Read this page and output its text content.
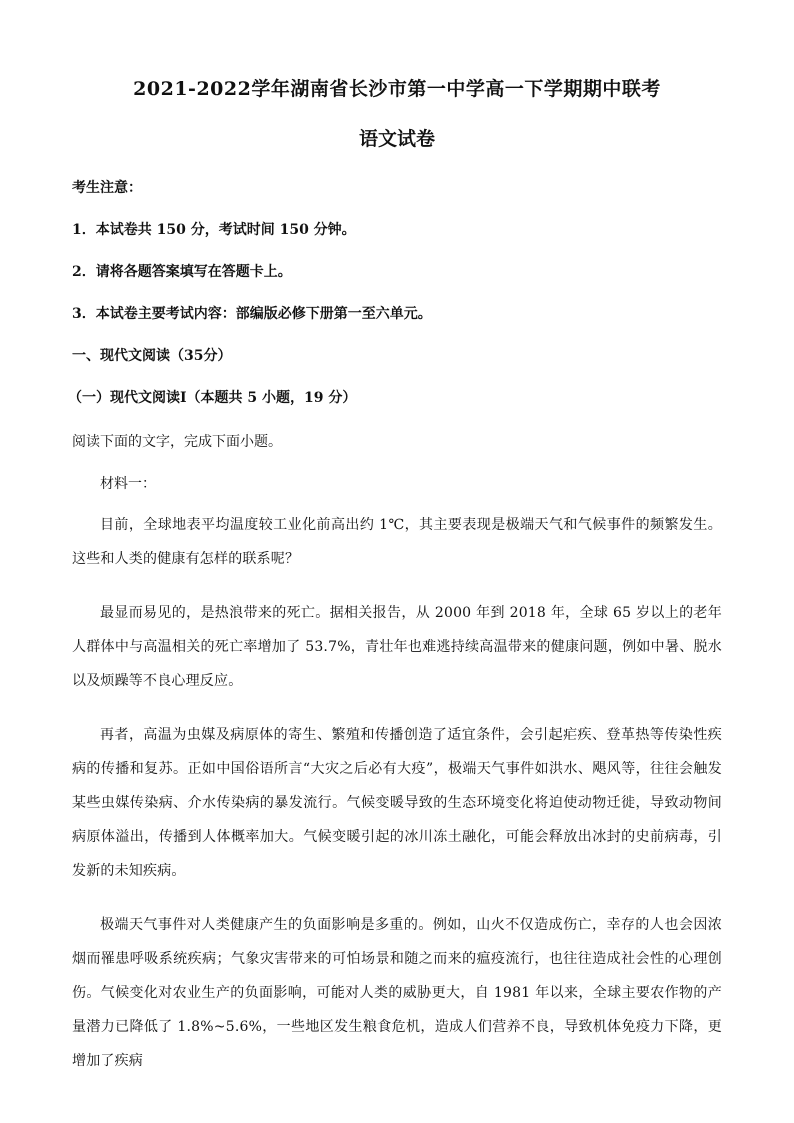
2021-2022学年湖南省长沙市第一中学高一下学期期中联考
语文试卷
考生注意：
1．本试卷共 150 分，考试时间 150 分钟。
2．请将各题答案填写在答题卡上。
3．本试卷主要考试内容：部编版必修下册第一至六单元。
一、现代文阅读（35分）
（一）现代文阅读Ⅰ（本题共 5 小题，19 分）
阅读下面的文字，完成下面小题。
材料一：

目前，全球地表平均温度较工业化前高出约 1℃，其主要表现是极端天气和气候事件的频繁发生。这些和人类的健康有怎样的联系呢？

最显而易见的，是热浪带来的死亡。据相关报告，从 2000 年到 2018 年，全球 65 岁以上的老年人群体中与高温相关的死亡率增加了 53.7%，青壮年也难逃持续高温带来的健康问题，例如中暑、脱水以及烦躁等不良心理反应。

再者，高温为虫媒及病原体的寄生、繁殖和传播创造了适宜条件，会引起疟疾、登革热等传染性疾病的传播和复苏。正如中国俗语所言“大灾之后必有大疫”，极端天气事件如洪水、飓风等，往往会触发某些虫媒传染病、介水传染病的暴发流行。气候变暖导致的生态环境变化将迫使动物迁徙，导致动物间病原体溢出，传播到人体概率加大。气候变暖引起的冰川冻土融化，可能会释放出冰封的史前病毒，引发新的未知疾病。

极端天气事件对人类健康产生的负面影响是多重的。例如，山火不仅造成伤亡，幸存的人也会因浓烟而罹患呼吸系统疾病；气象灾害带来的可怕场景和随之而来的瘟疫流行，也往往造成社会性的心理创伤。气候变化对农业生产的负面影响，可能对人类的威胁更大，自 1981 年以来，全球主要农作物的产量潜力已降低了 1.8%~5.6%，一些地区发生粮食危机，造成人们营养不良，导致机体免疫力下降，更增加了疾病
